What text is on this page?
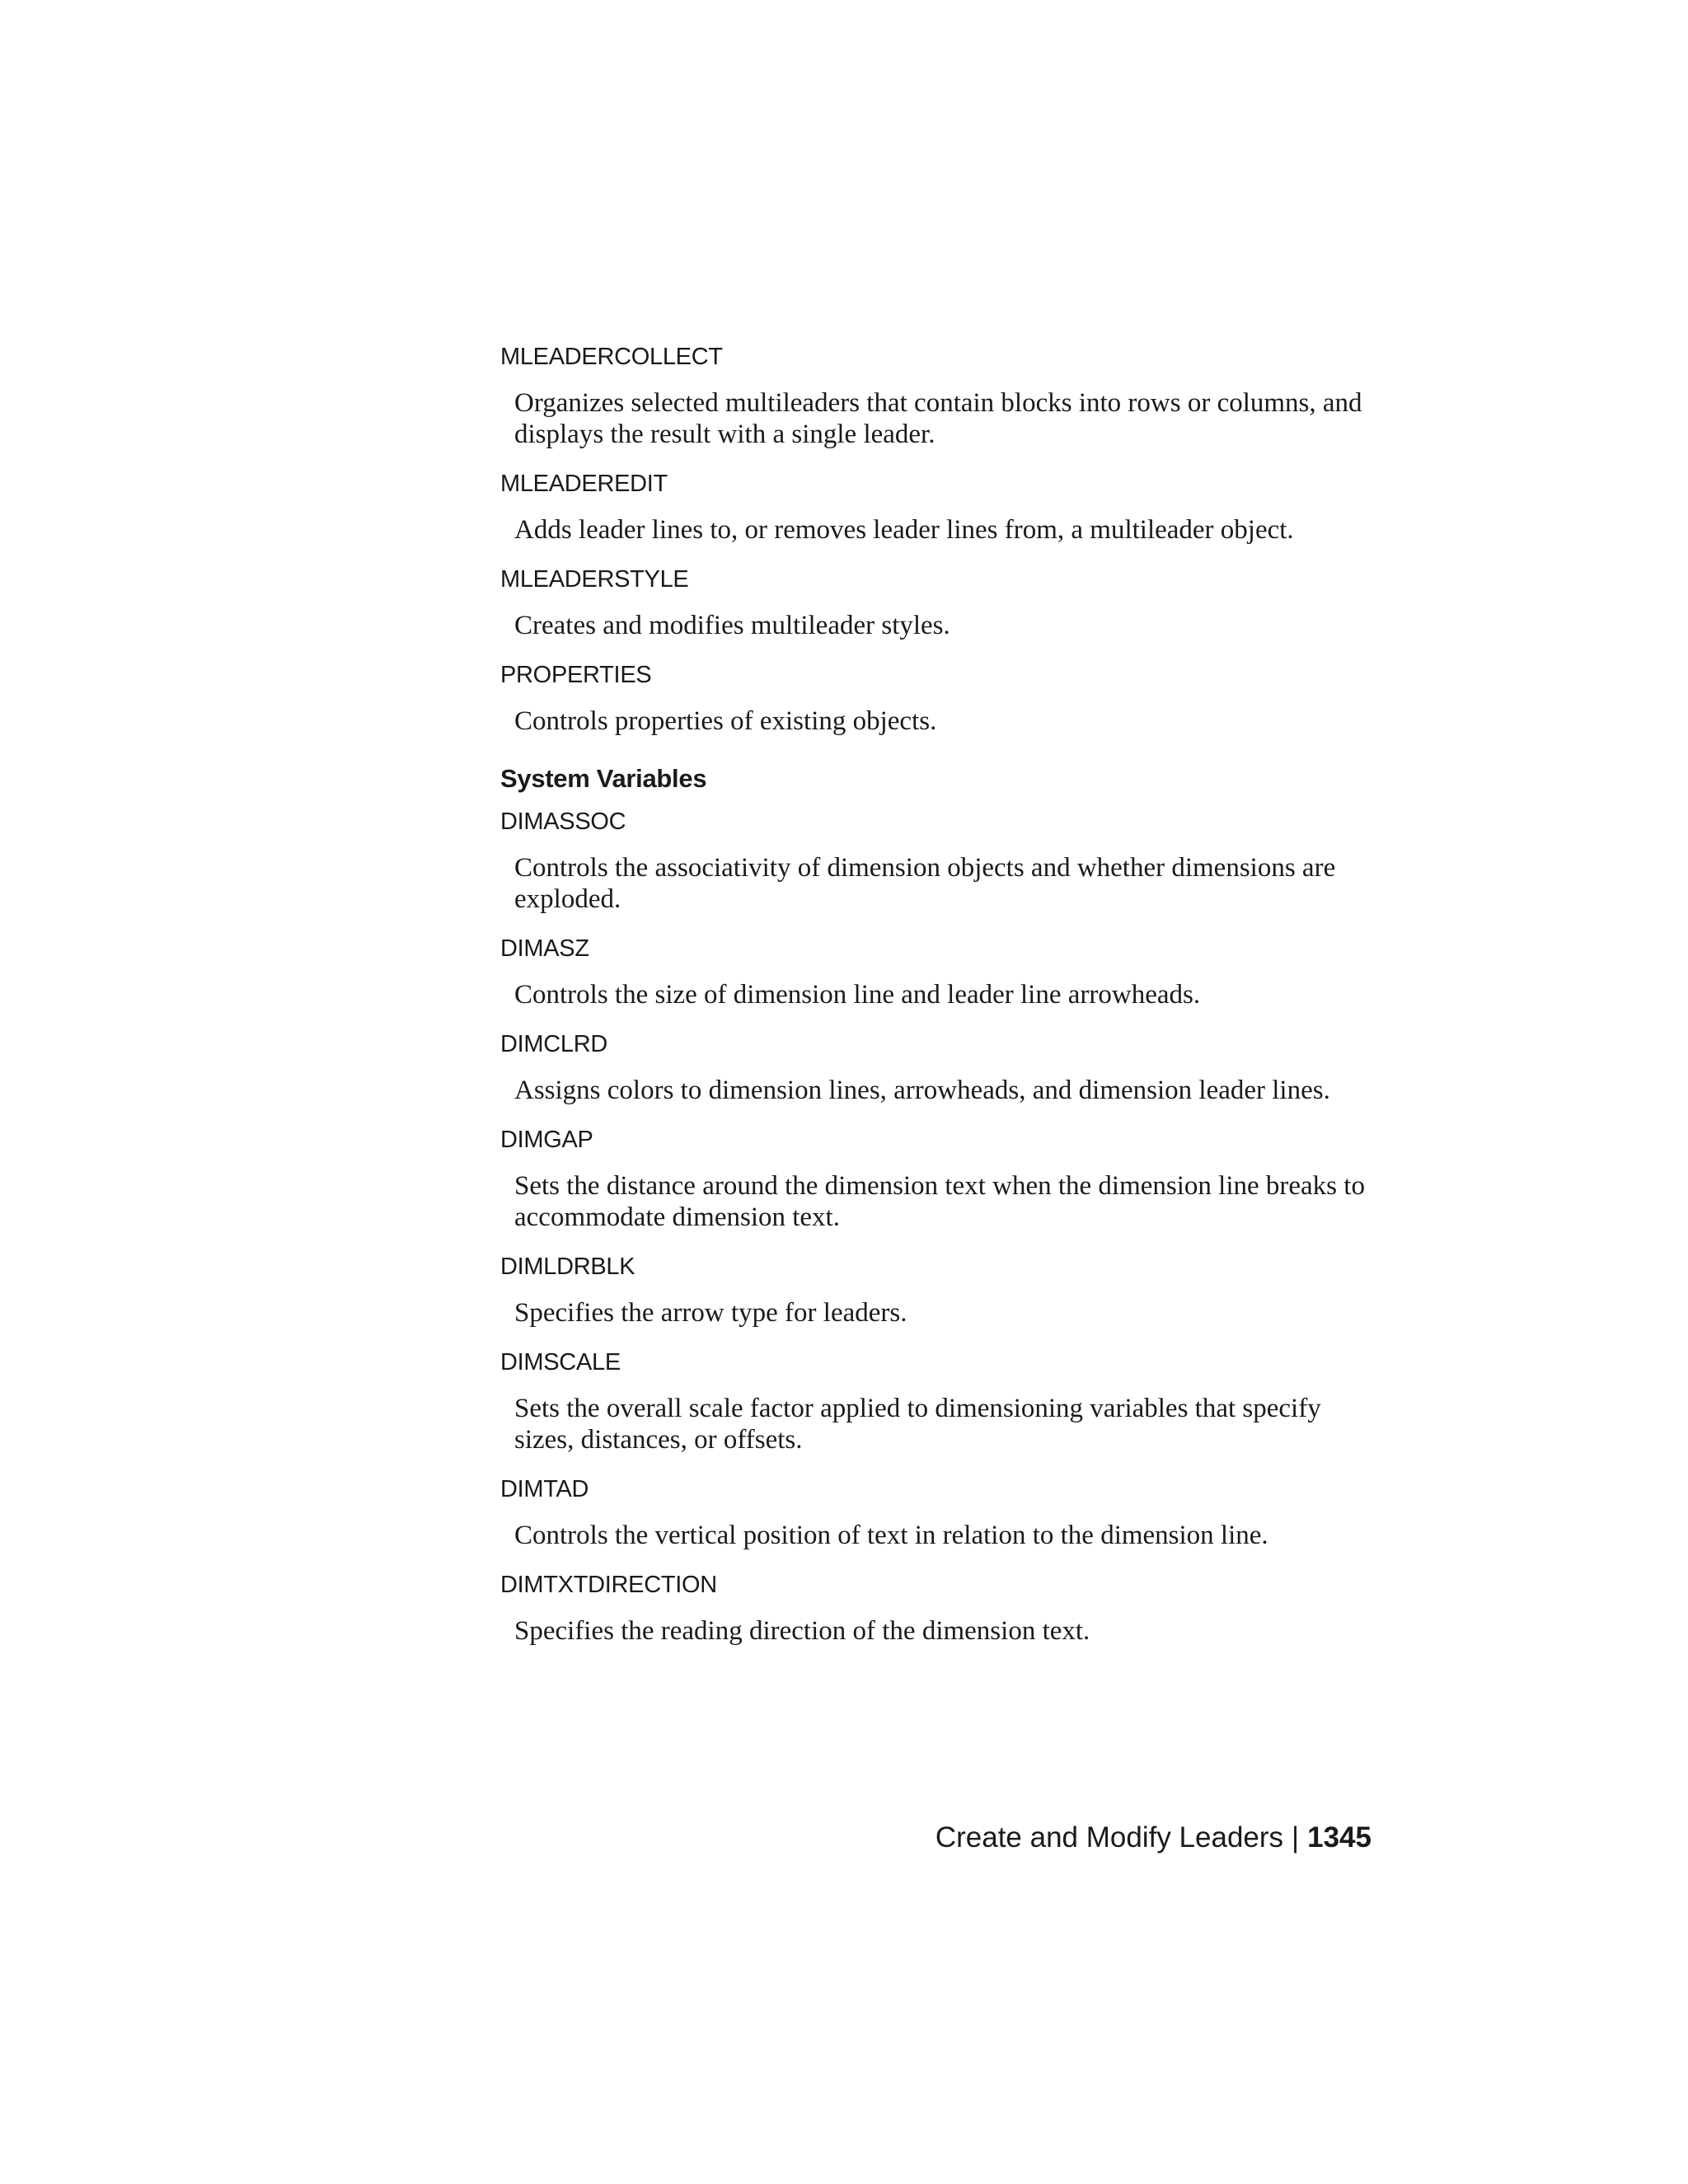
MLEADERCOLLECT

Organizes selected multileaders that contain blocks into rows or columns, and displays the result with a single leader.

MLEADEREDIT

Adds leader lines to, or removes leader lines from, a multileader object.

MLEADERSTYLE

Creates and modifies multileader styles.

PROPERTIES

Controls properties of existing objects.

System Variables

DIMASSOC

Controls the associativity of dimension objects and whether dimensions are exploded.

DIMASZ

Controls the size of dimension line and leader line arrowheads.

DIMCLRD

Assigns colors to dimension lines, arrowheads, and dimension leader lines.

DIMGAP

Sets the distance around the dimension text when the dimension line breaks to accommodate dimension text.

DIMLDRBLK

Specifies the arrow type for leaders.

DIMSCALE

Sets the overall scale factor applied to dimensioning variables that specify sizes, distances, or offsets.

DIMTAD

Controls the vertical position of text in relation to the dimension line.

DIMTXTDIRECTION

Specifies the reading direction of the dimension text.

Create and Modify Leaders | 1345
